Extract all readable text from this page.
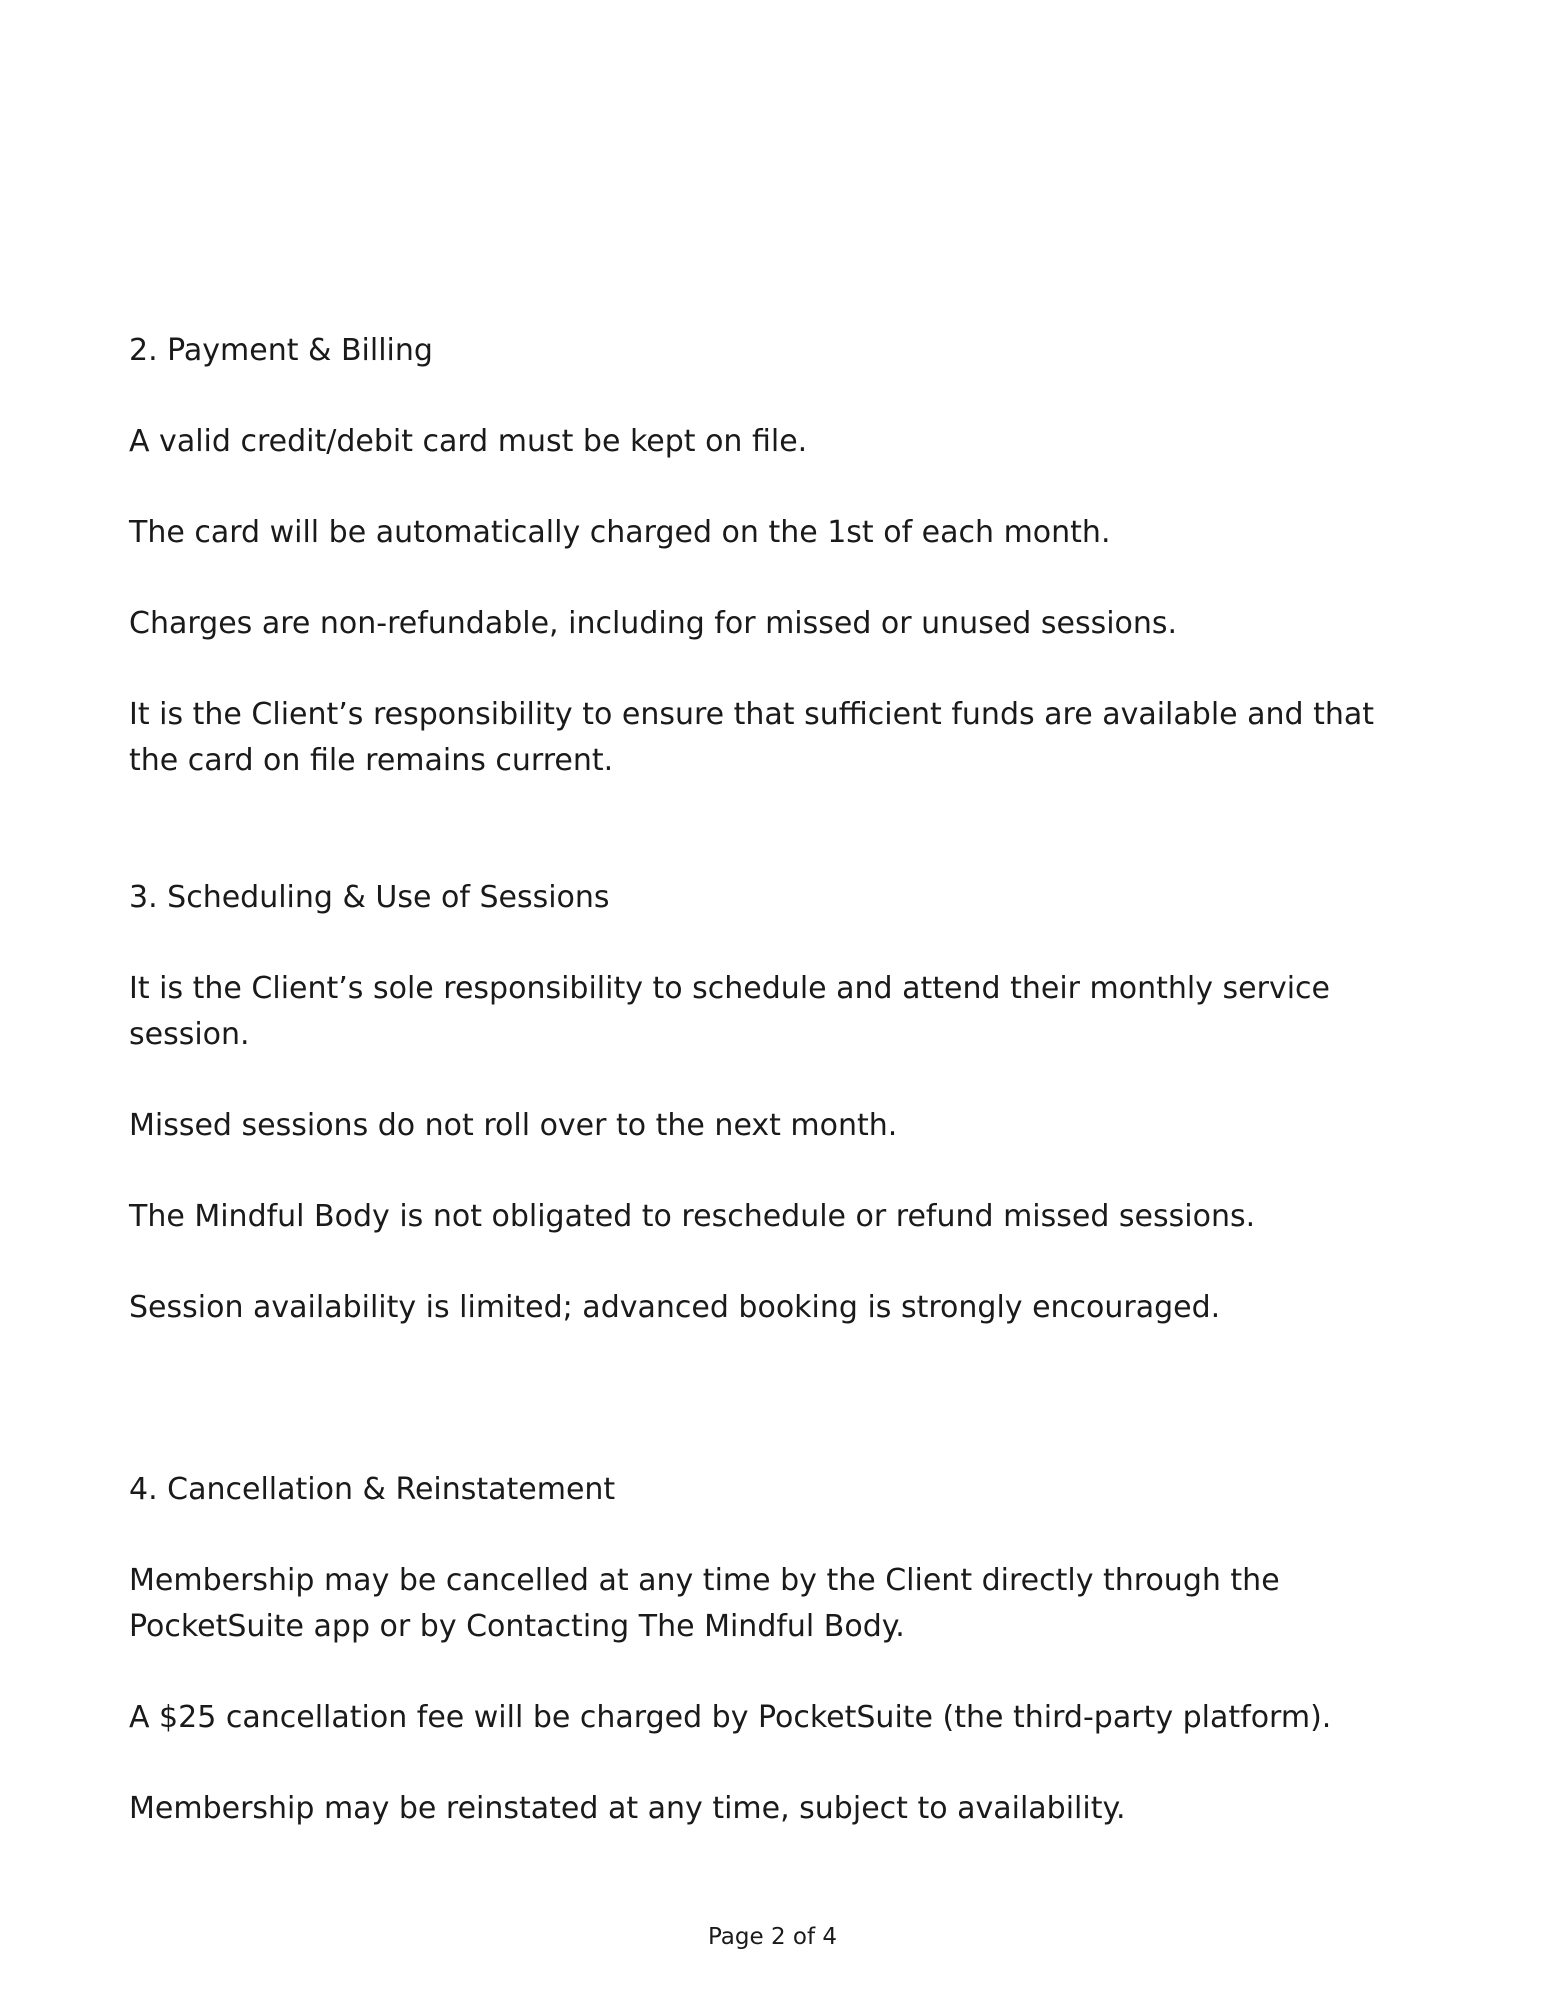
2. Payment & Billing

A valid credit/debit card must be kept on file.

The card will be automatically charged on the 1st of each month.

Charges are non-refundable, including for missed or unused sessions.

It is the Client’s responsibility to ensure that sufficient funds are available and that the card on file remains current.

3. Scheduling & Use of Sessions

It is the Client’s sole responsibility to schedule and attend their monthly service session.

Missed sessions do not roll over to the next month.

The Mindful Body is not obligated to reschedule or refund missed sessions.

Session availability is limited; advanced booking is strongly encouraged.

4. Cancellation & Reinstatement

Membership may be cancelled at any time by the Client directly through the PocketSuite app or by Contacting The Mindful Body.

A $25 cancellation fee will be charged by PocketSuite (the third-party platform).

Membership may be reinstated at any time, subject to availability.

Page 2 of 4
